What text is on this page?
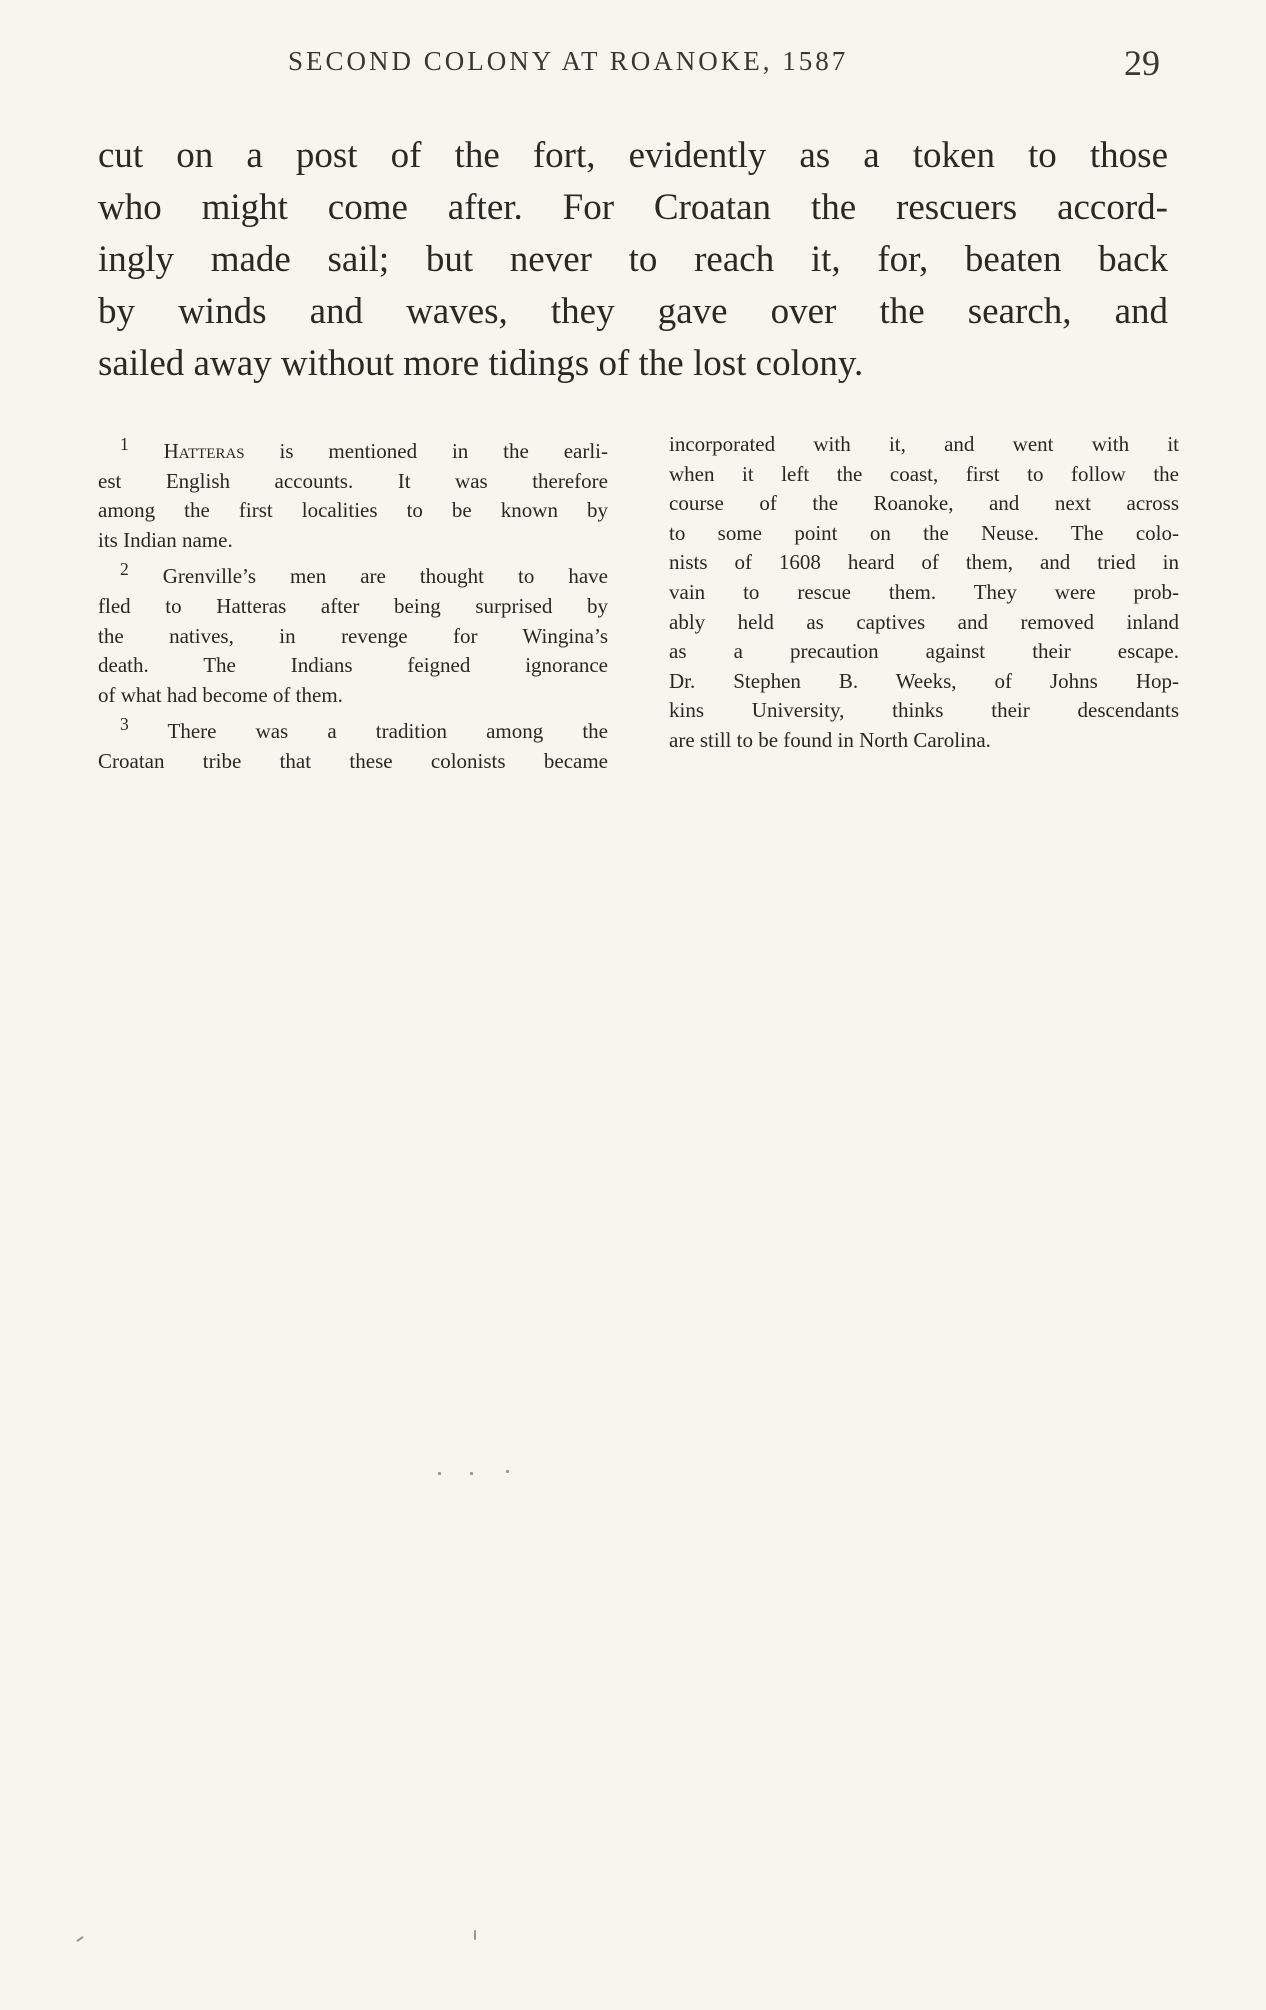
SECOND COLONY AT ROANOKE, 1587	29
cut on a post of the fort, evidently as a token to those
who might come after. For Croatan the rescuers accord-
ingly made sail; but never to reach it, for, beaten back
by winds and waves, they gave over the search, and
sailed away without more tidings of the lost colony.
$^1$ Hatteras is mentioned in the earli-
est English accounts. It was therefore
among the first localities to be known by
its Indian name.
$^2$ Grenville’s men are thought to have
fled to Hatteras after being surprised by
the natives, in revenge for Wingina’s
death. The Indians feigned ignorance
of what had become of them.
$^3$ There was a tradition among the
Croatan tribe that these colonists became
incorporated with it, and went with it
when it left the coast, first to follow the
course of the Roanoke, and next across
to some point on the Neuse. The colo-
nists of 1608 heard of them, and tried in
vain to rescue them. They were prob-
ably held as captives and removed inland
as a precaution against their escape.
Dr. Stephen B. Weeks, of Johns Hop-
kins University, thinks their descendants
are still to be found in North Carolina.
